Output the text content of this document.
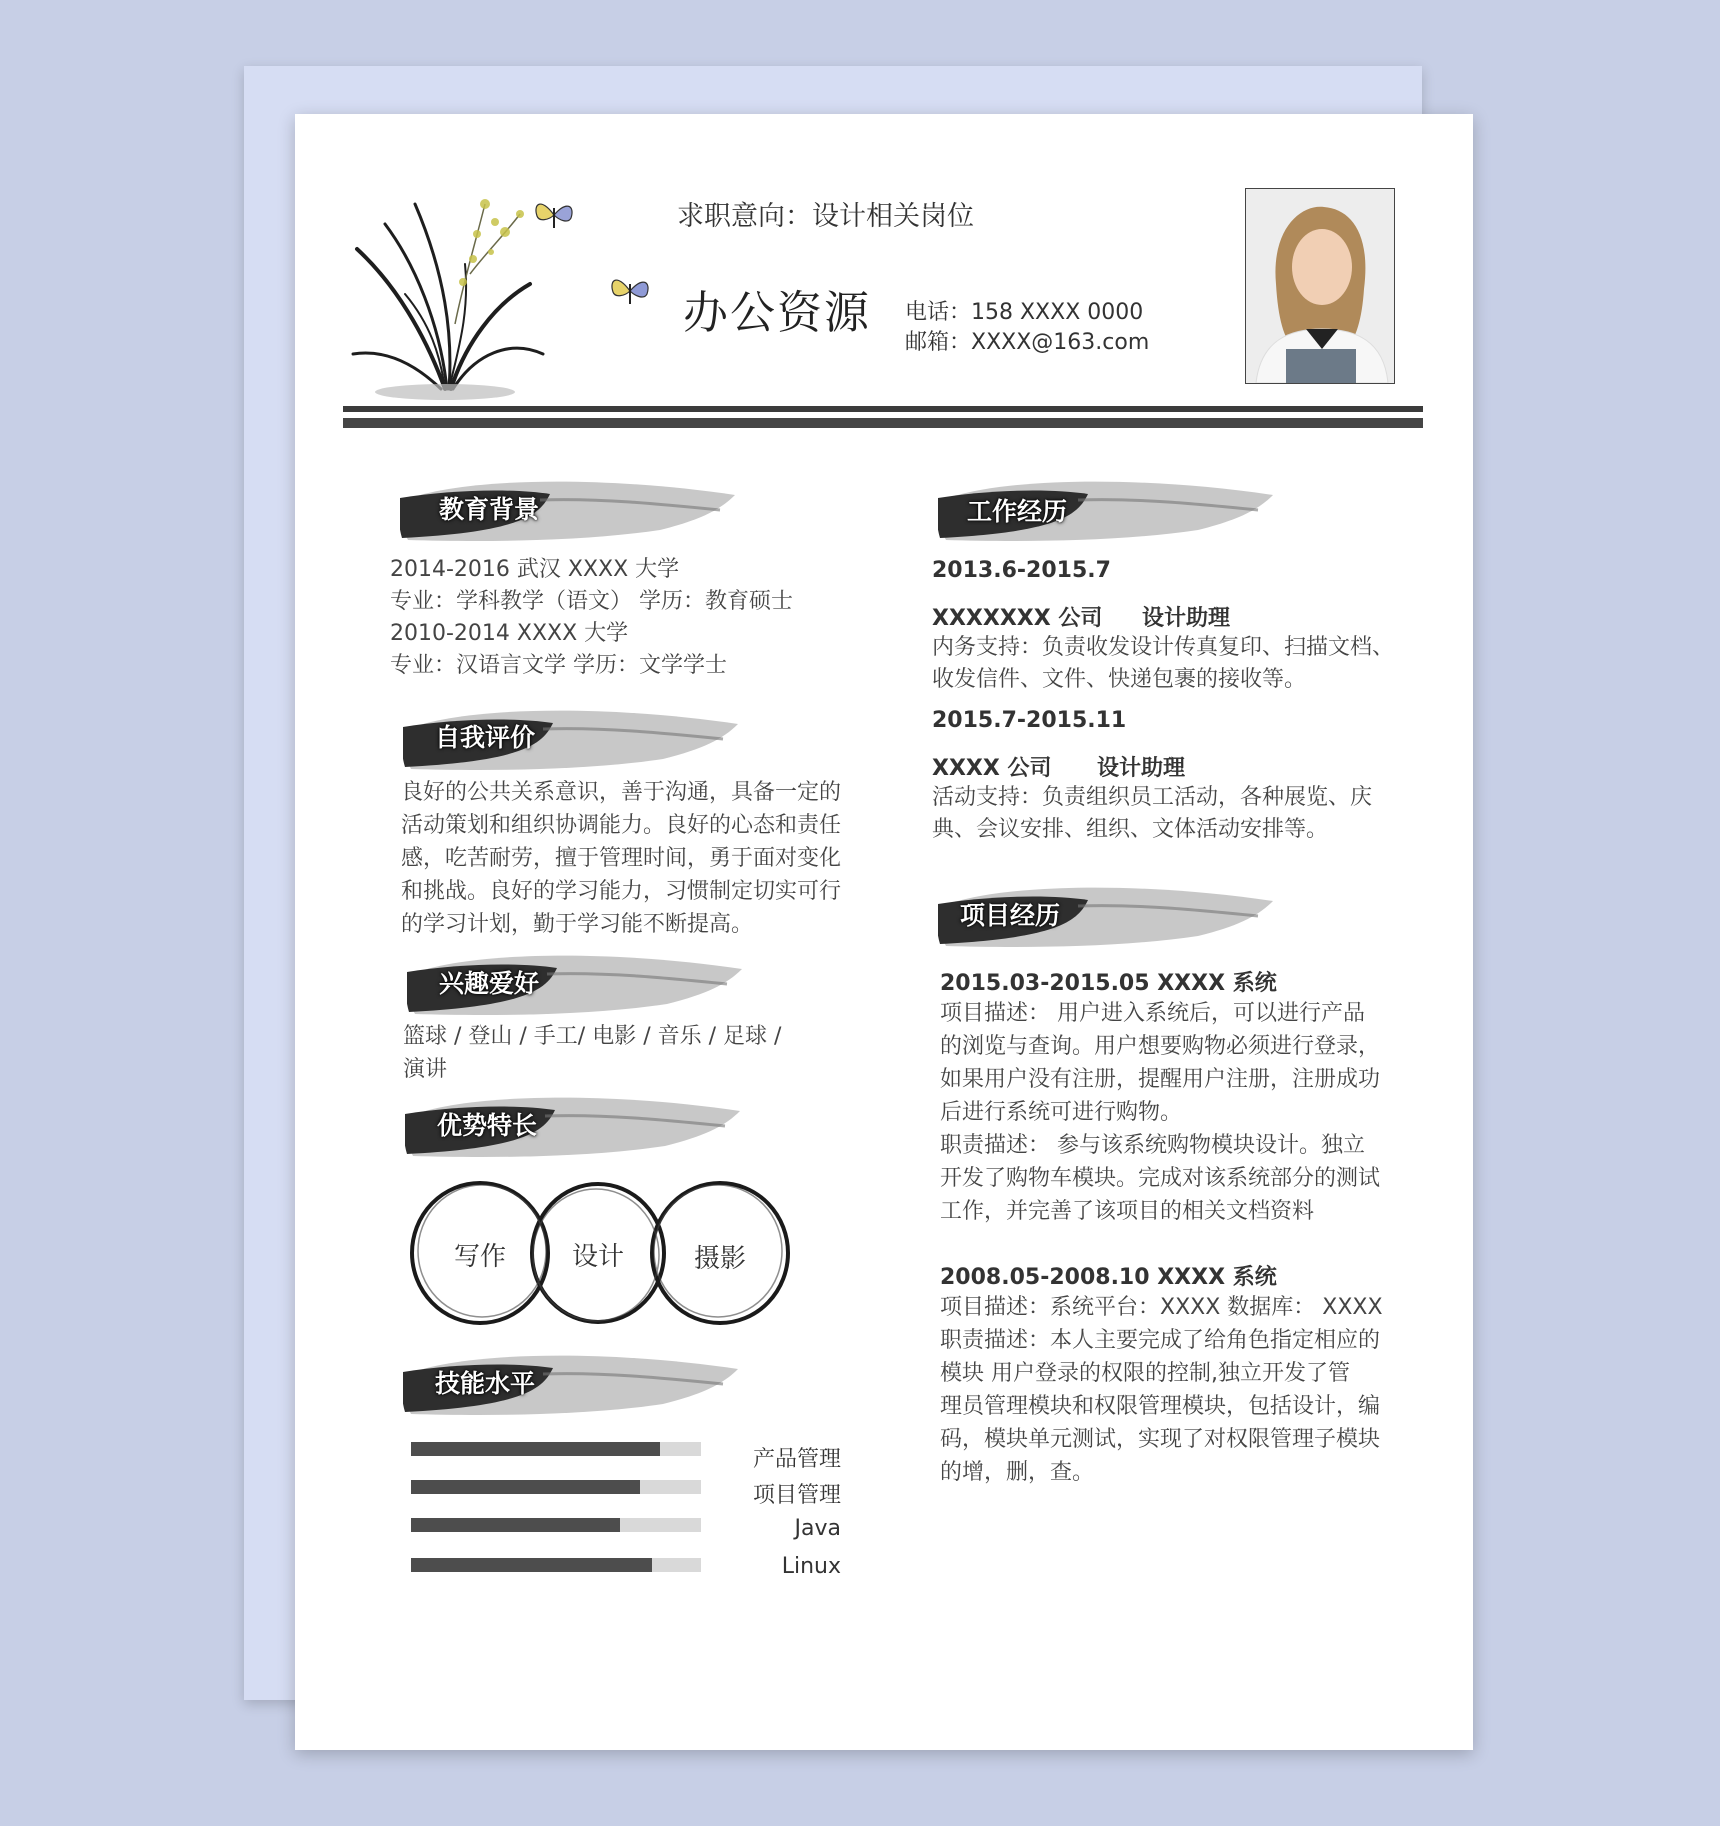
求职意向：设计相关岗位
办公资源 电话：158 XXXX 0000
邮箱：XXXX@163.com
教育背景
2014-2016 武汉 XXXX 大学
专业：学科教学（语文） 学历：教育硕士
2010-2014 XXXX 大学
专业：汉语言文学 学历：文学学士
自我评价
良好的公共关系意识，善于沟通，具备一定的
活动策划和组织协调能力。良好的心态和责任
感，吃苦耐劳，擅于管理时间，勇于面对变化
和挑战。良好的学习能力，习惯制定切实可行
的学习计划，勤于学习能不断提高。
兴趣爱好
篮球 / 登山 / 手工/ 电影 / 音乐 / 足球 /
演讲
优势特长
写作	设计	摄影
技能水平
产品管理
项目管理
Java
Linux
工作经历
2013.6-2015.7
XXXXXXX 公司 设计助理
内务支持：负责收发设计传真复印、扫描文档、
收发信件、文件、快递包裹的接收等。
2015.7-2015.11
XXXX 公司 设计助理
活动支持：负责组织员工活动，各种展览、庆
典、会议安排、组织、文体活动安排等。
项目经历
2015.03-2015.05 XXXX 系统
项目描述： 用户进入系统后，可以进行产品
的浏览与查询。用户想要购物必须进行登录，
如果用户没有注册，提醒用户注册，注册成功
后进行系统可进行购物。
职责描述： 参与该系统购物模块设计。独立
开发了购物车模块。完成对该系统部分的测试
工作，并完善了该项目的相关文档资料
2008.05-2008.10 XXXX 系统
项目描述：系统平台：XXXX 数据库： XXXX
职责描述：本人主要完成了给角色指定相应的
模块 用户登录的权限的控制,独立开发了管
理员管理模块和权限管理模块，包括设计，编
码，模块单元测试，实现了对权限管理子模块
的增，删，查。
